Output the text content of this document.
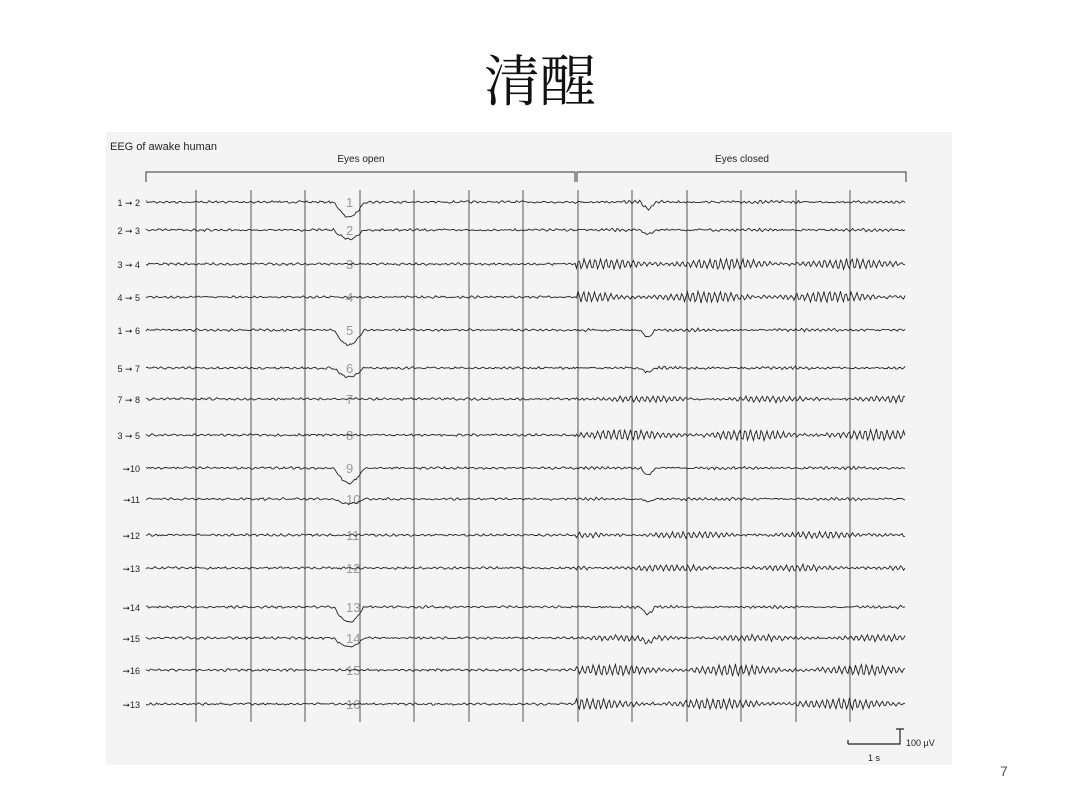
清醒
EEG of awake human
Eyes open	Eyes closed
100 µV
1 s
1 ➞ 2	1
2 ➞ 3	2
3 ➞ 4	3
4 ➞ 5	4
1 ➞ 6	5
5 ➞ 7	6
7 ➞ 8	7
3 ➞ 5	8
➞10	9
➞11	10
➞12	11
➞13	12
➞14	13
➞15	14
➞16	15
➞13	16
7
